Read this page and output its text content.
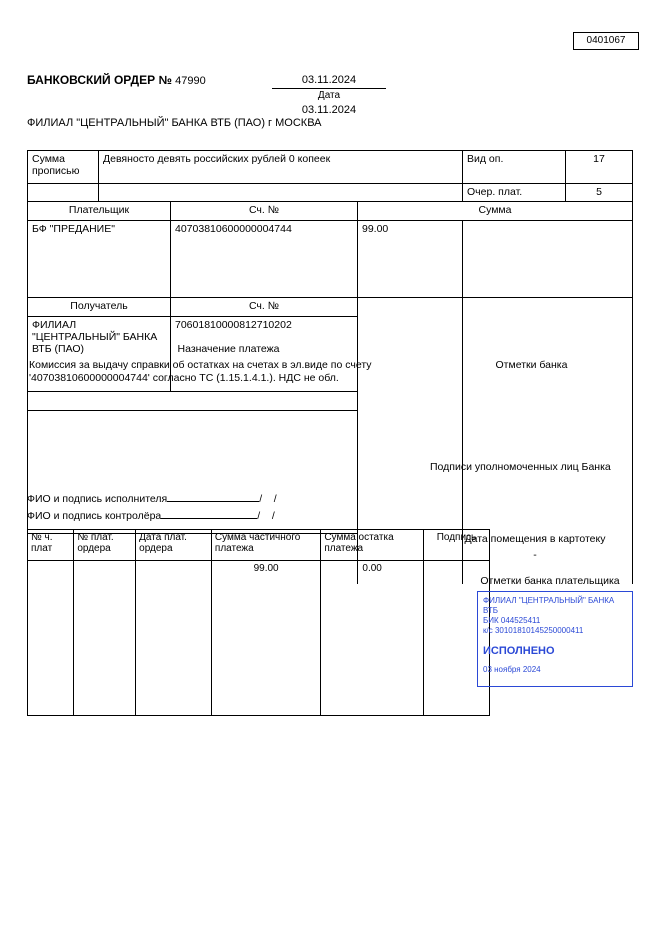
0401067
БАНКОВСКИЙ ОРДЕР № 47990	03.11.2024
Дата
03.11.2024
ФИЛИАЛ "ЦЕНТРАЛЬНЫЙ" БАНКА ВТБ (ПАО) г МОСКВА
Сумма
прописью	Девяносто девять российских рублей 0 копеек			Вид оп.	17
				Очер. плат.	5
Плательщик		Сч. №	Сумма		
БФ "ПРЕДАНИЕ"		40703810600000004744	99.00		
Получатель		Сч. №			
ФИЛИАЛ "ЦЕНТРАЛЬНЫЙ" БАНКА ВТБ (ПАО)		70601810000812710202			

Назначение платежа
Комиссия за выдачу справки об остатках на счетах в эл.виде по счету '40703810600000004744' согласно ТС (1.15.1.4.1.). НДС не обл.
Отметки банка
Подписи уполномоченных лиц Банка
ФИО и подпись исполнителя	/ /
ФИО и подпись контролёра	/ /
№ ч. плат	№ плат. ордера	Дата плат. ордера	Сумма частичного платежа	Сумма остатка платежа	Подпись	
			99.00	0.00		
Дата помещения в картотеку
-
Отметки банка плательщика
ФИЛИАЛ "ЦЕНТРАЛЬНЫЙ" БАНКА ВТБ
БИК 044525411
к/с 30101810145250000411
ИСПОЛНЕНО
03 ноября 2024
